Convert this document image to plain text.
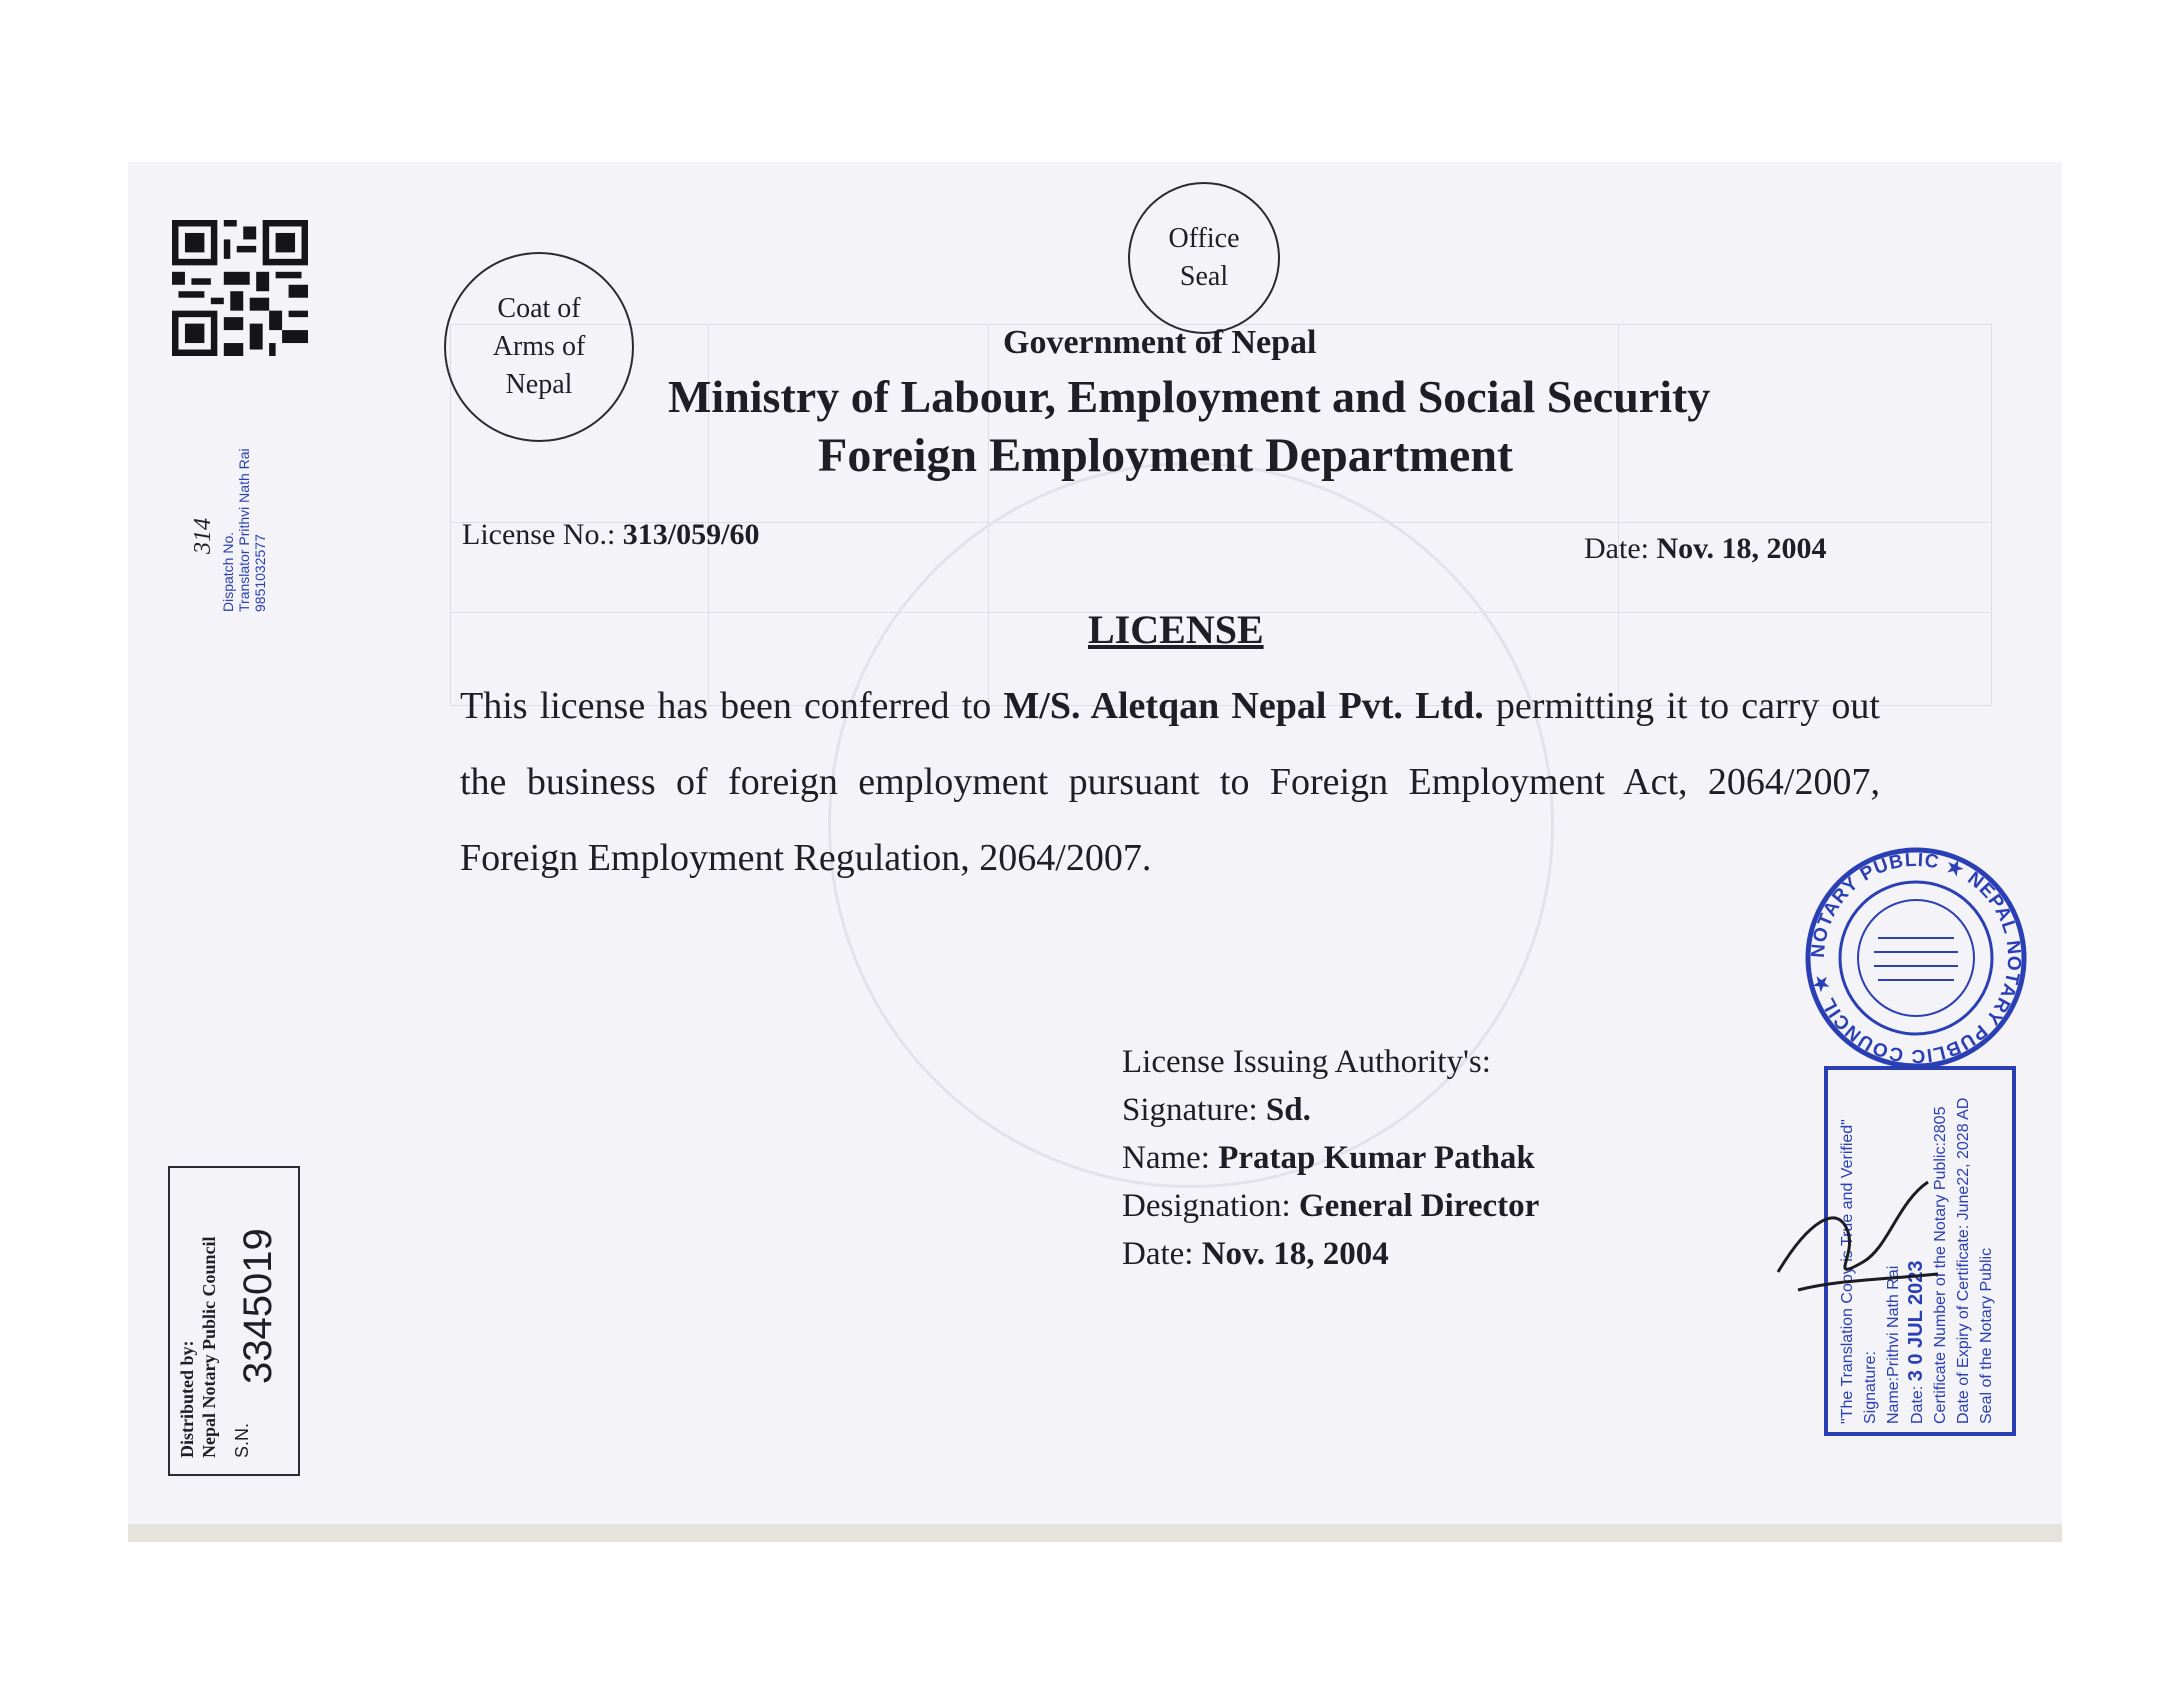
Dispatch No. Translator Prithvi Nath Rai 9851032577
314
Coat of
Arms of
Nepal
Office
Seal
Government of Nepal
Ministry of Labour, Employment and Social Security
Foreign Employment Department
License No.: 313/059/60	Date: Nov. 18, 2004
LICENSE
This license has been conferred to M/S. Aletqan Nepal Pvt. Ltd. permitting it to carry out the business of foreign employment pursuant to Foreign Employment Act, 2064/2007, Foreign Employment Regulation, 2064/2007.
License Issuing Authority's:
Signature: Sd.
Name: Pratap Kumar Pathak
Designation: General Director
Date: Nov. 18, 2004
Distributed by: Nepal Notary Public Council S.N.
3345019
NOTARY PUBLIC ★ NEPAL NOTARY PUBLIC COUNCIL ★
"The Translation Copy is True and Verified" Signature: Name:Prithvi Nath Rai Date: 3 0 JUL 2023 Certificate Number of the Notary Public:2805 Date of Expiry of Certificate: June22, 2028 AD Seal of the Notary Public
